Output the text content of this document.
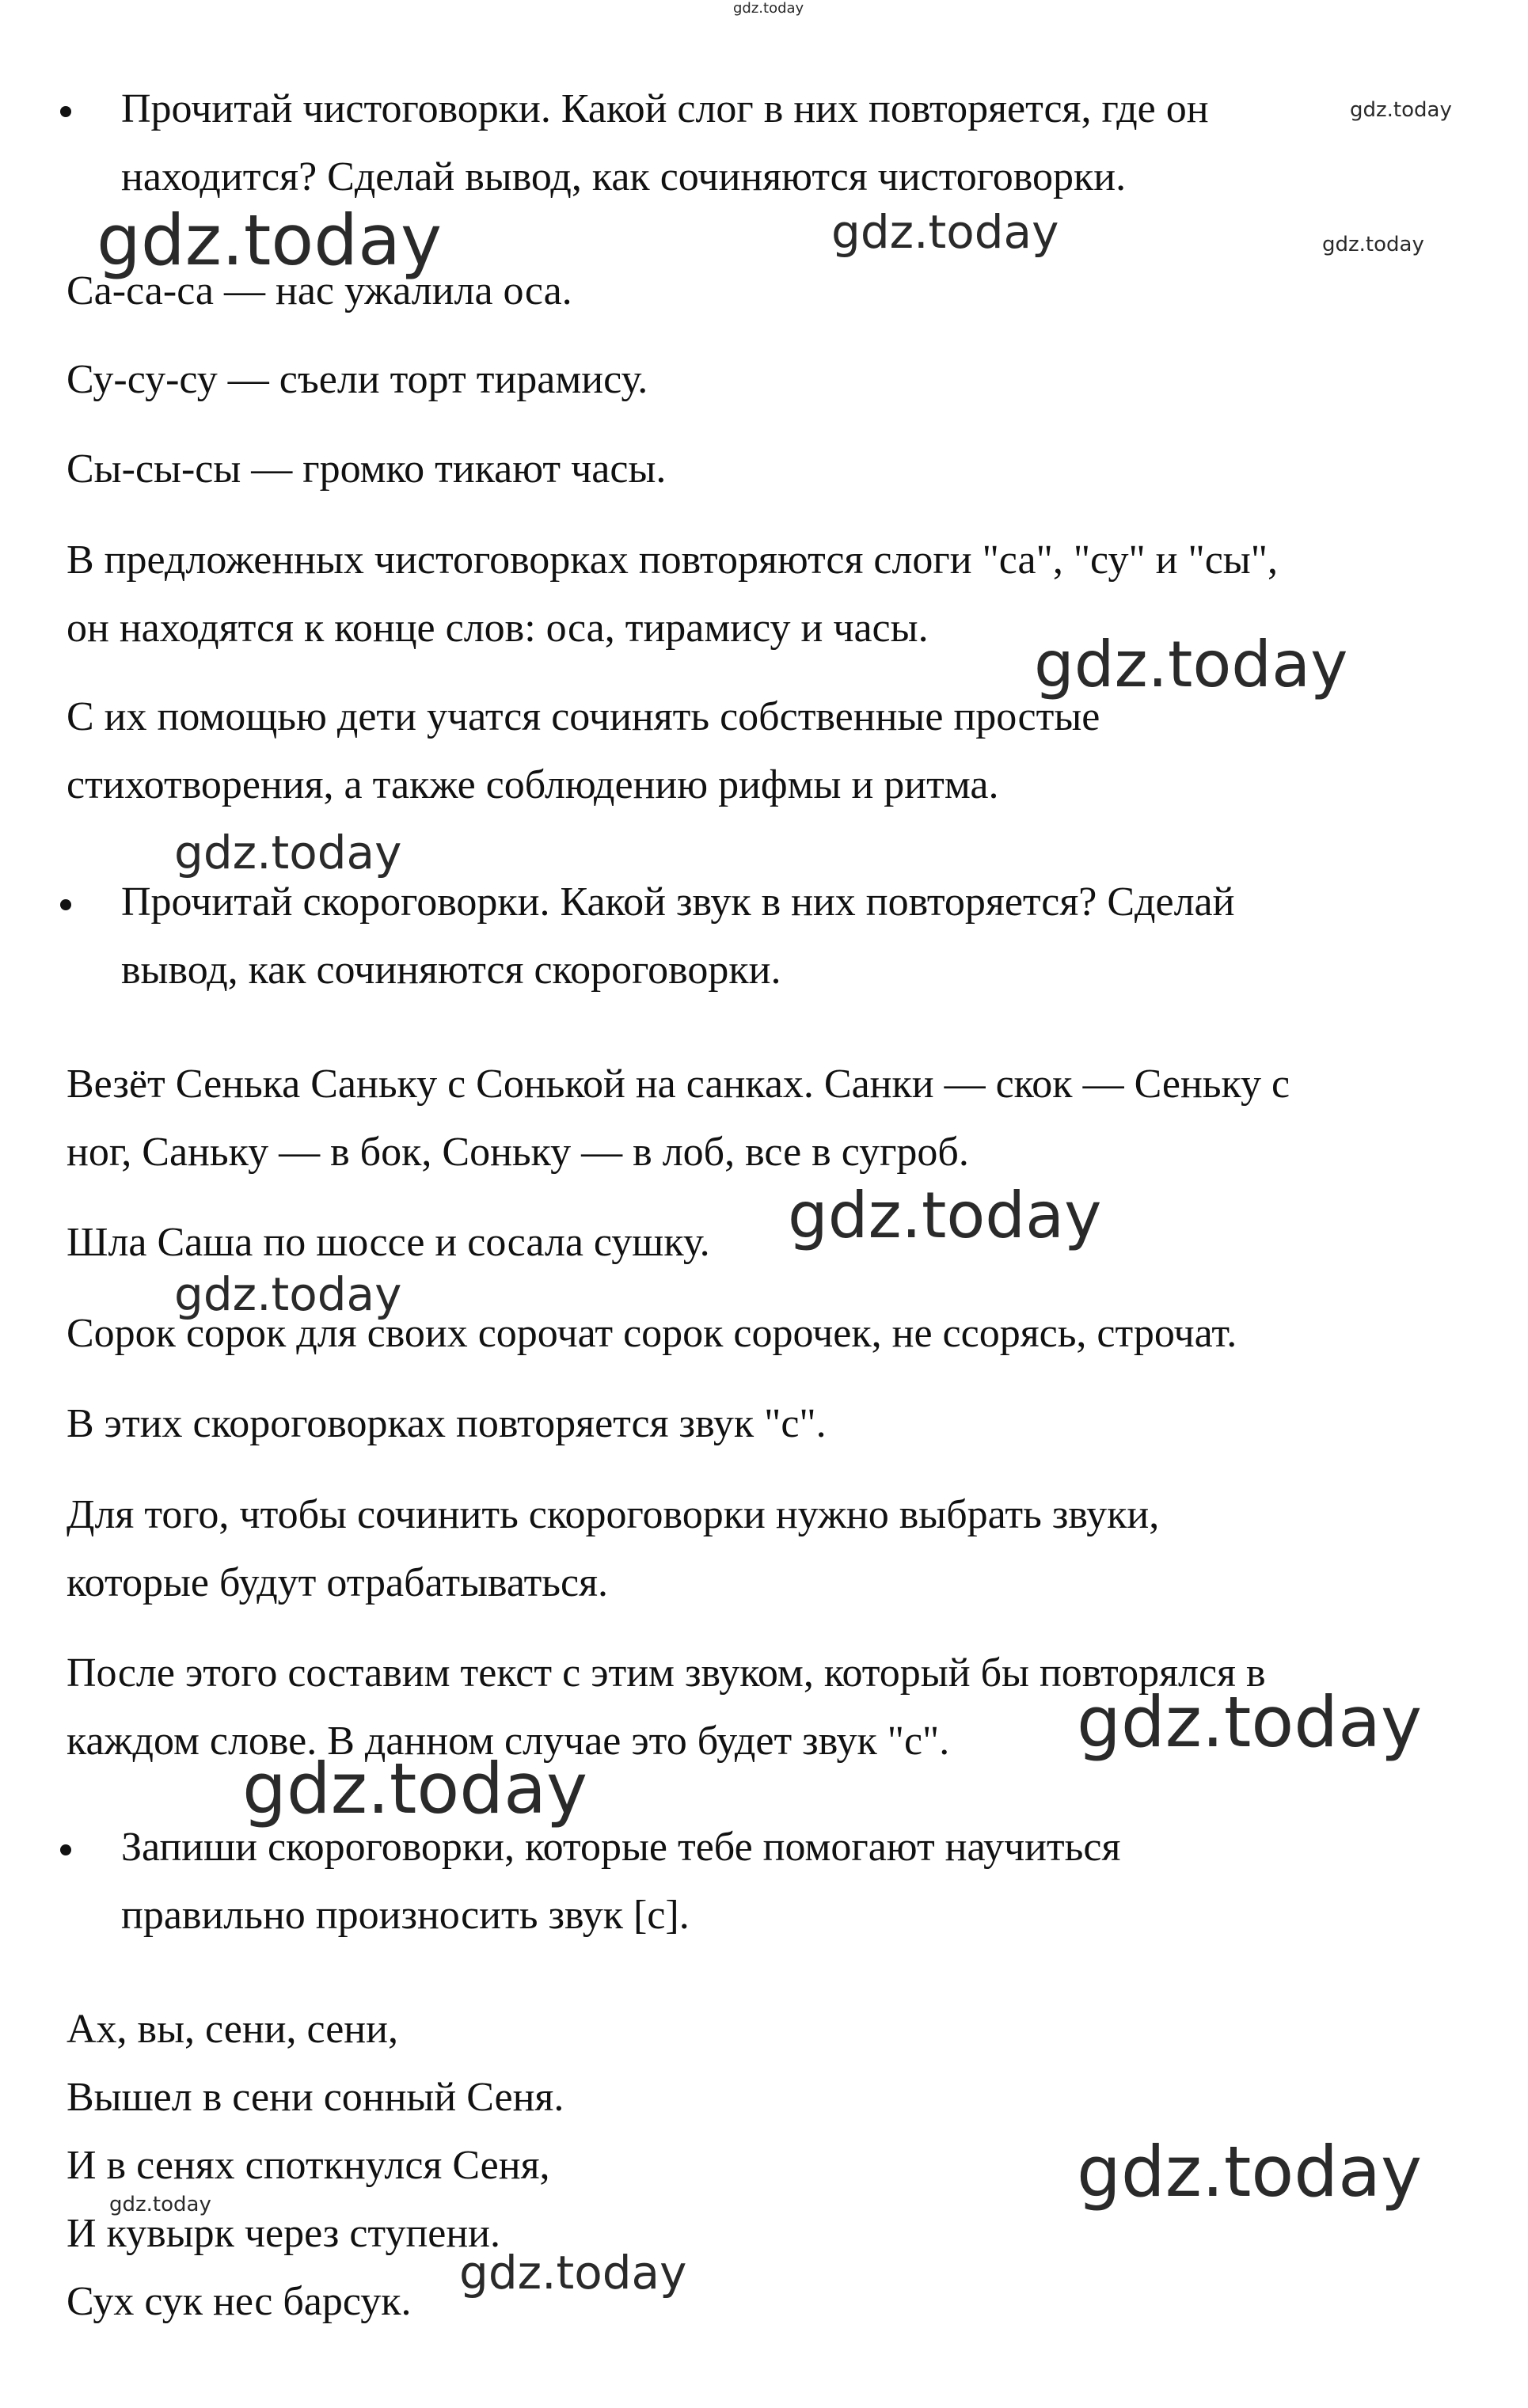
gdz.today

Прочитай чистоговорки. Какой слог в них повторяется, где он

находится? Сделай вывод, как сочиняются чистоговорки.

gdz.today
gdz.today	gdz.today	gdz.today

Са-са-са — нас ужалила оса.

Су-су-су — съели торт тирамису.

Сы-сы-сы — громко тикают часы.

В предложенных чистоговорках повторяются слоги "са", "су" и "сы",

он находятся к конце слов: оса, тирамису и часы. gdz.today

С их помощью дети учатся сочинять собственные простые

стихотворения, а также соблюдению рифмы и ритма.

gdz.today

Прочитай скороговорки. Какой звук в них повторяется? Сделай

вывод, как сочиняются скороговорки.

Везёт Сенька Саньку с Сонькой на санках. Санки — скок — Сеньку с

ног, Саньку — в бок, Соньку — в лоб, все в сугроб.

Шла Саша по шоссе и сосала сушку. gdz.today
gdz.today

Сорок сорок для своих сорочат сорок сорочек, не ссорясь, строчат.

В этих скороговорках повторяется звук "с".

Для того, чтобы сочинить скороговорки нужно выбрать звуки,

которые будут отрабатываться.

После этого составим текст с этим звуком, который бы повторялся в

каждом слове. В данном случае это будет звук "с". gdz.today
gdz.today

Запиши скороговорки, которые тебе помогают научиться

правильно произносить звук [с].

Ах, вы, сени, сени,

Вышел в сени сонный Сеня.

И в сенях споткнулся Сеня,	gdz.today
gdz.today

И кувырк через ступени.

Сух сук нес барсук.

gdz.today
